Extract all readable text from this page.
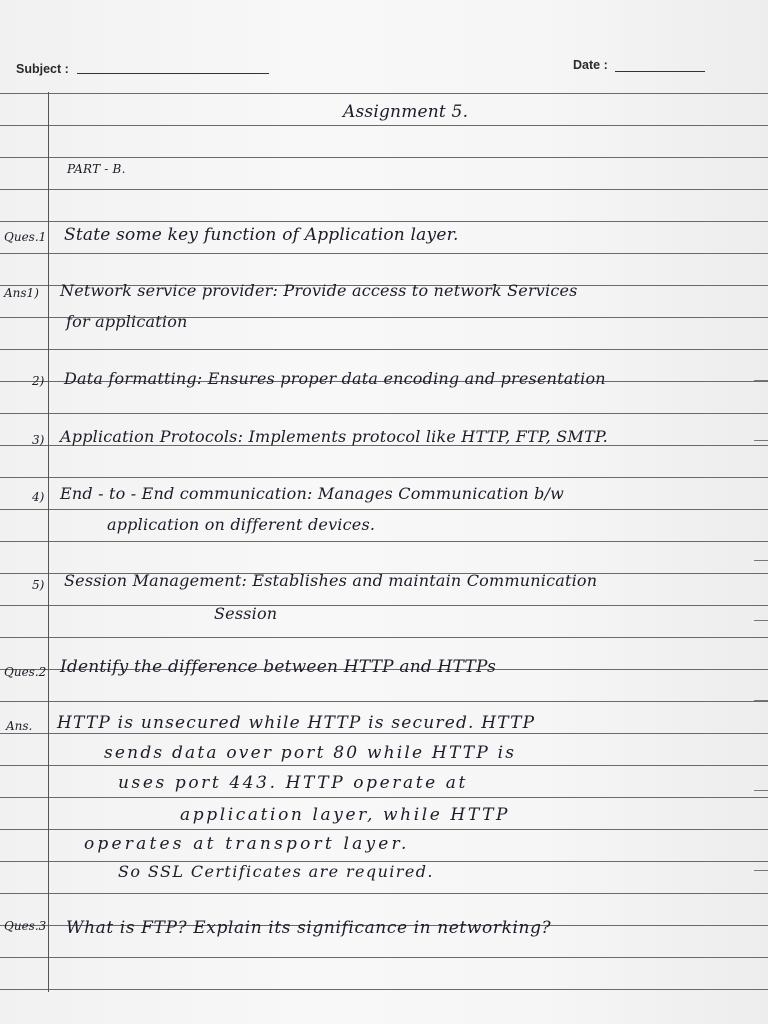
Subject :	Date :
Assignment 5.
PART - B.
Ques.1 State some key function of Application layer.
Ans1) Network service provider: Provide access to network Services
for application
2) Data formatting: Ensures proper data encoding and presentation
3) Application Protocols: Implements protocol like HTTP, FTP, SMTP.
4) End - to - End communication: Manages Communication b/w
application on different devices.
5) Session Management: Establishes and maintain Communication
Session
Ques.2 Identify the difference between HTTP and HTTPs
Ans. HTTP is unsecured while HTTP is secured. HTTP
sends data over port 80 while HTTP is
uses port 443. HTTP operate at
application layer, while HTTP
operates at transport layer.
So SSL Certificates are required.
Ques.3 What is FTP? Explain its significance in networking?
